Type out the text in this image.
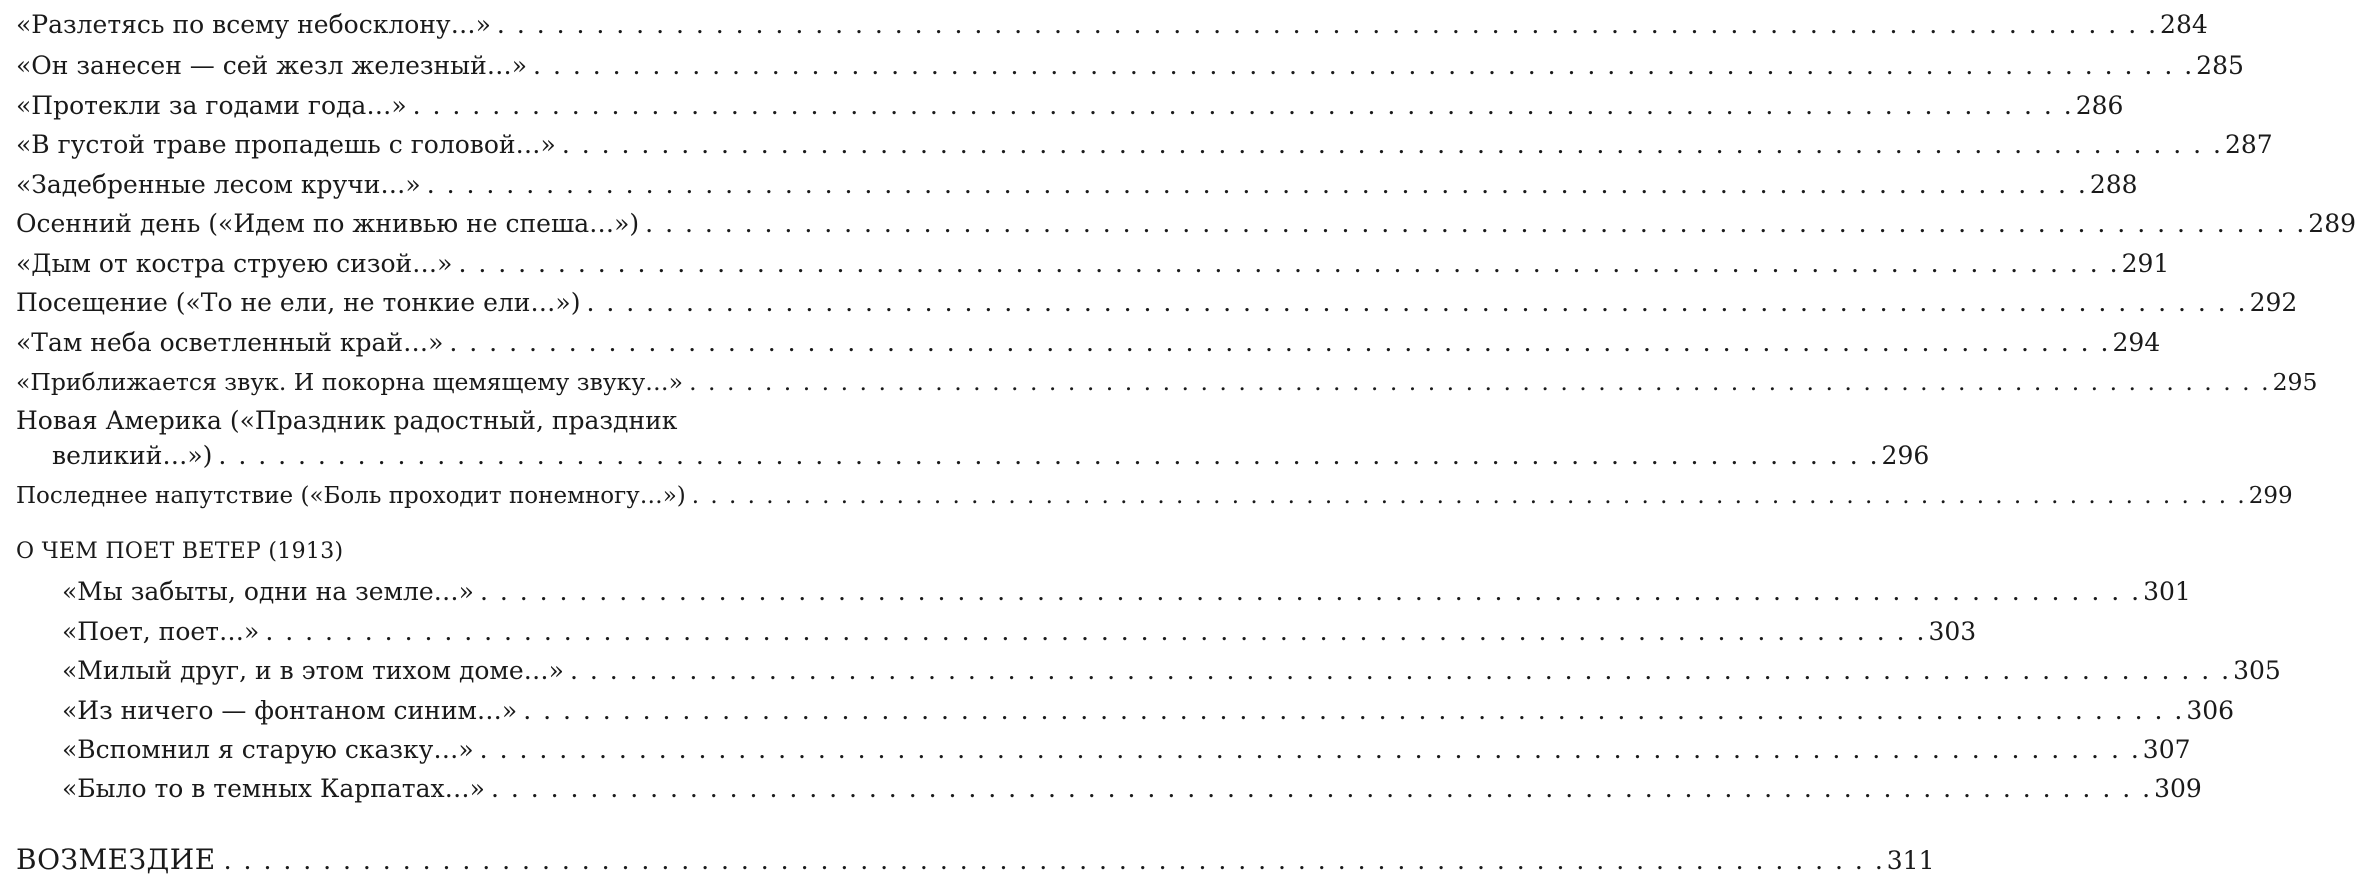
«Разлетясь по всему небосклону…» . . . . . . . . . . . . . . . . . . . . . . . . . . . . . . . . . . . . . . . . . . . . . . . . . . . . . . . . . . . . . . . . . . . . . . . . . . . . . . . . . . . . 284
«Он занесен — сей жезл железный…» . . . . . . . . . . . . . . . . . . . . . . . . . . . . . . . . . . . . . . . . . . . . . . . . . . . . . . . . . . . . . . . . . . . . . . . . . . . . . . . . . . . . 285
«Протекли за годами года…» . . . . . . . . . . . . . . . . . . . . . . . . . . . . . . . . . . . . . . . . . . . . . . . . . . . . . . . . . . . . . . . . . . . . . . . . . . . . . . . . . . . . 286
«В густой траве пропадешь с головой…» . . . . . . . . . . . . . . . . . . . . . . . . . . . . . . . . . . . . . . . . . . . . . . . . . . . . . . . . . . . . . . . . . . . . . . . . . . . . . . . . . . . . 287
«Задебренные лесом кручи…» . . . . . . . . . . . . . . . . . . . . . . . . . . . . . . . . . . . . . . . . . . . . . . . . . . . . . . . . . . . . . . . . . . . . . . . . . . . . . . . . . . . . 288
Осенний день («Идем по жнивью не спеша…») . . . . . . . . . . . . . . . . . . . . . . . . . . . . . . . . . . . . . . . . . . . . . . . . . . . . . . . . . . . . . . . . . . . . . . . . . . . . . . . . . . . . 289
«Дым от костра струею сизой…» . . . . . . . . . . . . . . . . . . . . . . . . . . . . . . . . . . . . . . . . . . . . . . . . . . . . . . . . . . . . . . . . . . . . . . . . . . . . . . . . . . . . 291
Посещение («То не ели, не тонкие ели…») . . . . . . . . . . . . . . . . . . . . . . . . . . . . . . . . . . . . . . . . . . . . . . . . . . . . . . . . . . . . . . . . . . . . . . . . . . . . . . . . . . . . 292
«Там неба осветленный край…» . . . . . . . . . . . . . . . . . . . . . . . . . . . . . . . . . . . . . . . . . . . . . . . . . . . . . . . . . . . . . . . . . . . . . . . . . . . . . . . . . . . . 294
«Приближается звук. И покорна щемящему звуку…» . . . . . . . . . . . . . . . . . . . . . . . . . . . . . . . . . . . . . . . . . . . . . . . . . . . . . . . . . . . . . . . . . . . . . . . . . . . . . . . . . . . . 295
Новая Америка («Праздник радостный, праздник
великий…») . . . . . . . . . . . . . . . . . . . . . . . . . . . . . . . . . . . . . . . . . . . . . . . . . . . . . . . . . . . . . . . . . . . . . . . . . . . . . . . . . . . . 296
Последнее напутствие («Боль проходит понемногу…») . . . . . . . . . . . . . . . . . . . . . . . . . . . . . . . . . . . . . . . . . . . . . . . . . . . . . . . . . . . . . . . . . . . . . . . . . . . . . . . . . . . . 299
О ЧЕМ ПОЕТ ВЕТЕР (1913)
«Мы забыты, одни на земле…» . . . . . . . . . . . . . . . . . . . . . . . . . . . . . . . . . . . . . . . . . . . . . . . . . . . . . . . . . . . . . . . . . . . . . . . . . . . . . . . . . . . . 301
«Поет, поет…» . . . . . . . . . . . . . . . . . . . . . . . . . . . . . . . . . . . . . . . . . . . . . . . . . . . . . . . . . . . . . . . . . . . . . . . . . . . . . . . . . . . . 303
«Милый друг, и в этом тихом доме…» . . . . . . . . . . . . . . . . . . . . . . . . . . . . . . . . . . . . . . . . . . . . . . . . . . . . . . . . . . . . . . . . . . . . . . . . . . . . . . . . . . . . 305
«Из ничего — фонтаном синим…» . . . . . . . . . . . . . . . . . . . . . . . . . . . . . . . . . . . . . . . . . . . . . . . . . . . . . . . . . . . . . . . . . . . . . . . . . . . . . . . . . . . . 306
«Вспомнил я старую сказку…» . . . . . . . . . . . . . . . . . . . . . . . . . . . . . . . . . . . . . . . . . . . . . . . . . . . . . . . . . . . . . . . . . . . . . . . . . . . . . . . . . . . . 307
«Было то в темных Карпатах…» . . . . . . . . . . . . . . . . . . . . . . . . . . . . . . . . . . . . . . . . . . . . . . . . . . . . . . . . . . . . . . . . . . . . . . . . . . . . . . . . . . . . 309
ВОЗМЕЗДИЕ . . . . . . . . . . . . . . . . . . . . . . . . . . . . . . . . . . . . . . . . . . . . . . . . . . . . . . . . . . . . . . . . . . . . . . . . . . . . . . . . . . . . 311
